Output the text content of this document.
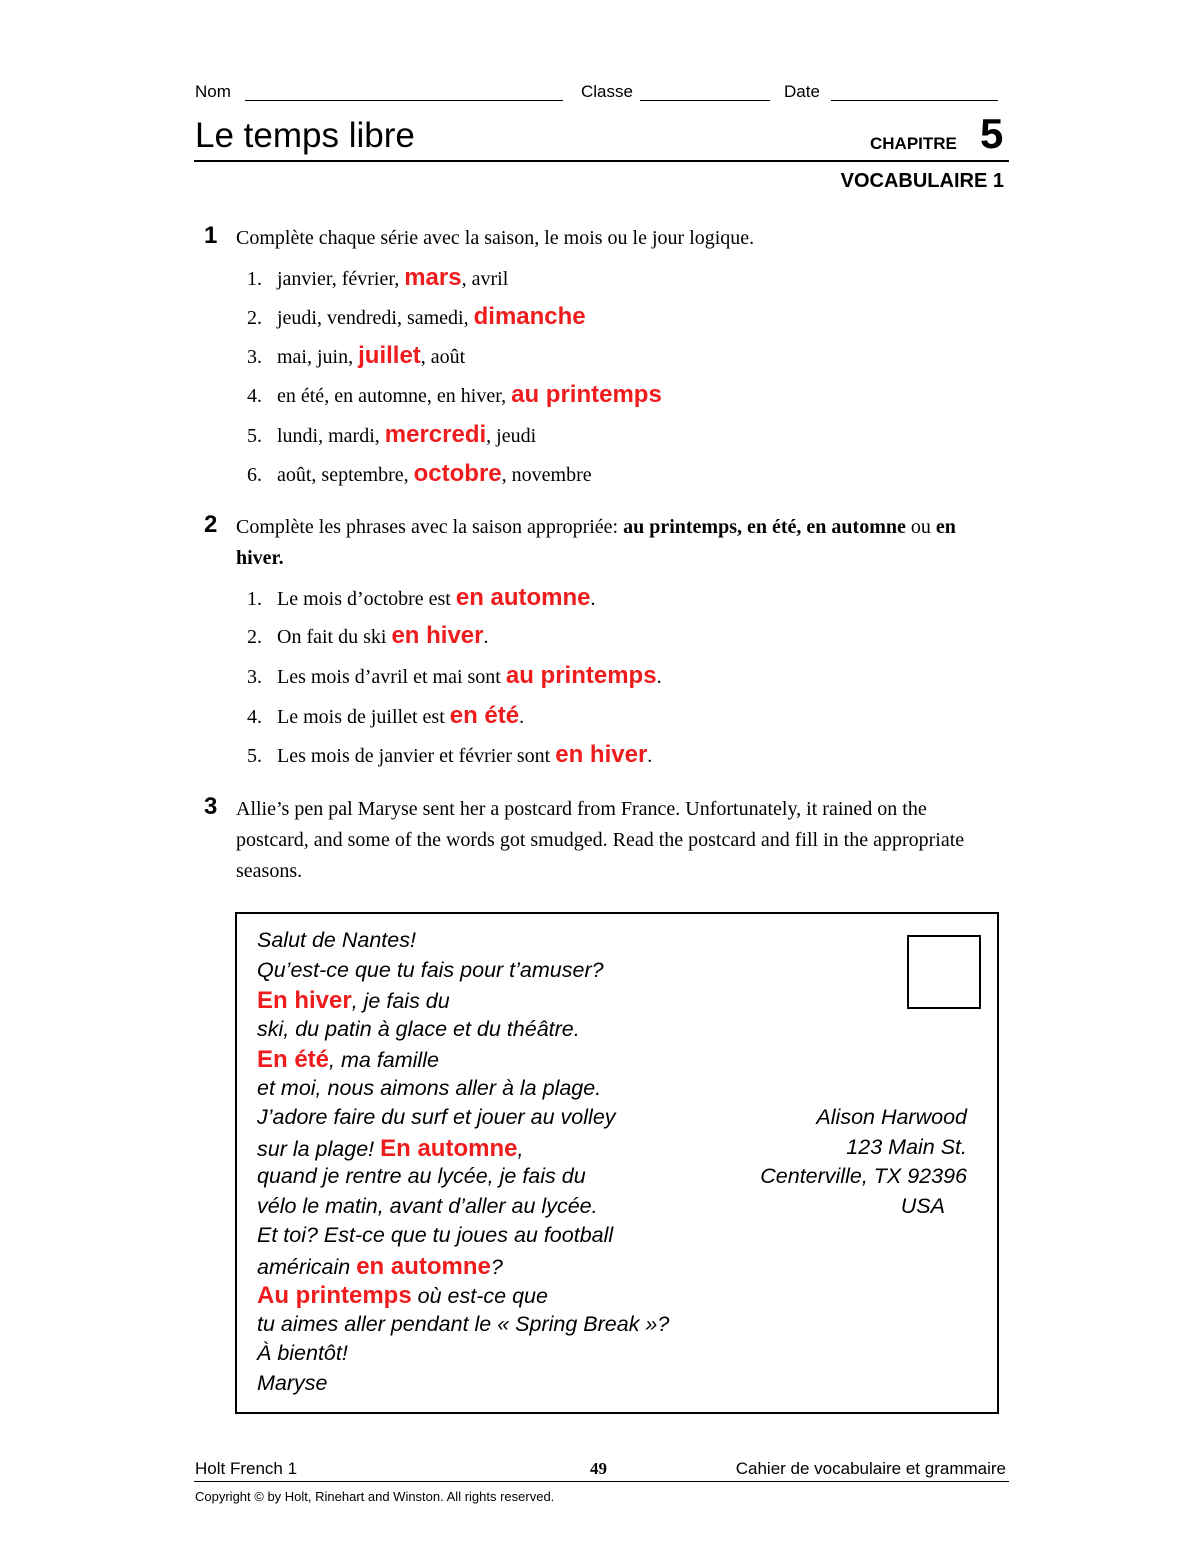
Nom	Classe	Date
Le temps libre	CHAPITRE 5
VOCABULAIRE 1
1 Complète chaque série avec la saison, le mois ou le jour logique.
1. janvier, février, mars, avril
2. jeudi, vendredi, samedi, dimanche
3. mai, juin, juillet, août
4. en été, en automne, en hiver, au printemps
5. lundi, mardi, mercredi, jeudi
6. août, septembre, octobre, novembre
2 Complète les phrases avec la saison appropriée: au printemps, en été, en automne ou en hiver.
1. Le mois d’octobre est en automne.
2. On fait du ski en hiver.
3. Les mois d’avril et mai sont au printemps.
4. Le mois de juillet est en été.
5. Les mois de janvier et février sont en hiver.
3 Allie’s pen pal Maryse sent her a postcard from France. Unfortunately, it rained on the postcard, and some of the words got smudged. Read the postcard and fill in the appropriate seasons.
Salut de Nantes!
Qu’est-ce que tu fais pour t’amuser?
En hiver, je fais du
ski, du patin à glace et du théâtre.
En été, ma famille
et moi, nous aimons aller à la plage.
J’adore faire du surf et jouer au volley
sur la plage! En automne,
quand je rentre au lycée, je fais du
vélo le matin, avant d’aller au lycée.
Et toi? Est-ce que tu joues au football
américain en automne?
Au printemps où est-ce que
tu aimes aller pendant le « Spring Break »?
À bientôt!
Maryse
Alison Harwood
123 Main St.
Centerville, TX 92396
USA
Holt French 1	49	Cahier de vocabulaire et grammaire
Copyright © by Holt, Rinehart and Winston. All rights reserved.
